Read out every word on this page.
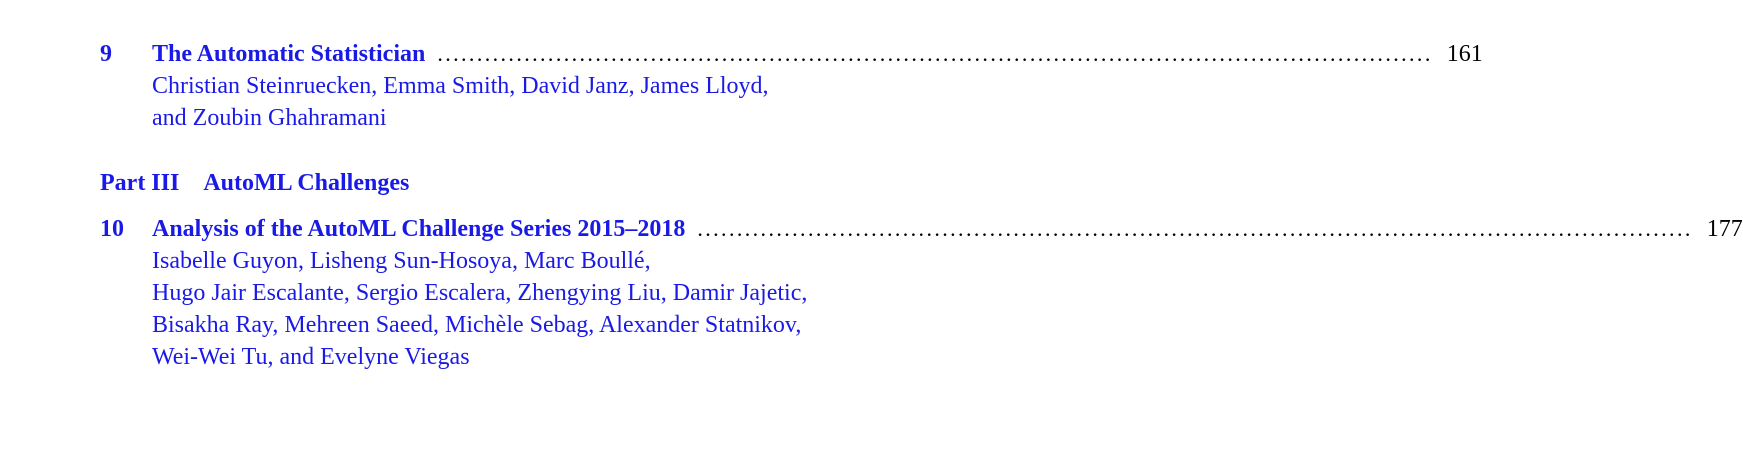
9 The Automatic Statistician .............................................................................................................................. 161
Christian Steinruecken, Emma Smith, David Janz, James Lloyd,
and Zoubin Ghahramani
Part III AutoML Challenges
10 Analysis of the AutoML Challenge Series 2015–2018 .............................................................................................................................. 177
Isabelle Guyon, Lisheng Sun-Hosoya, Marc Boullé,
Hugo Jair Escalante, Sergio Escalera, Zhengying Liu, Damir Jajetic,
Bisakha Ray, Mehreen Saeed, Michèle Sebag, Alexander Statnikov,
Wei-Wei Tu, and Evelyne Viegas
